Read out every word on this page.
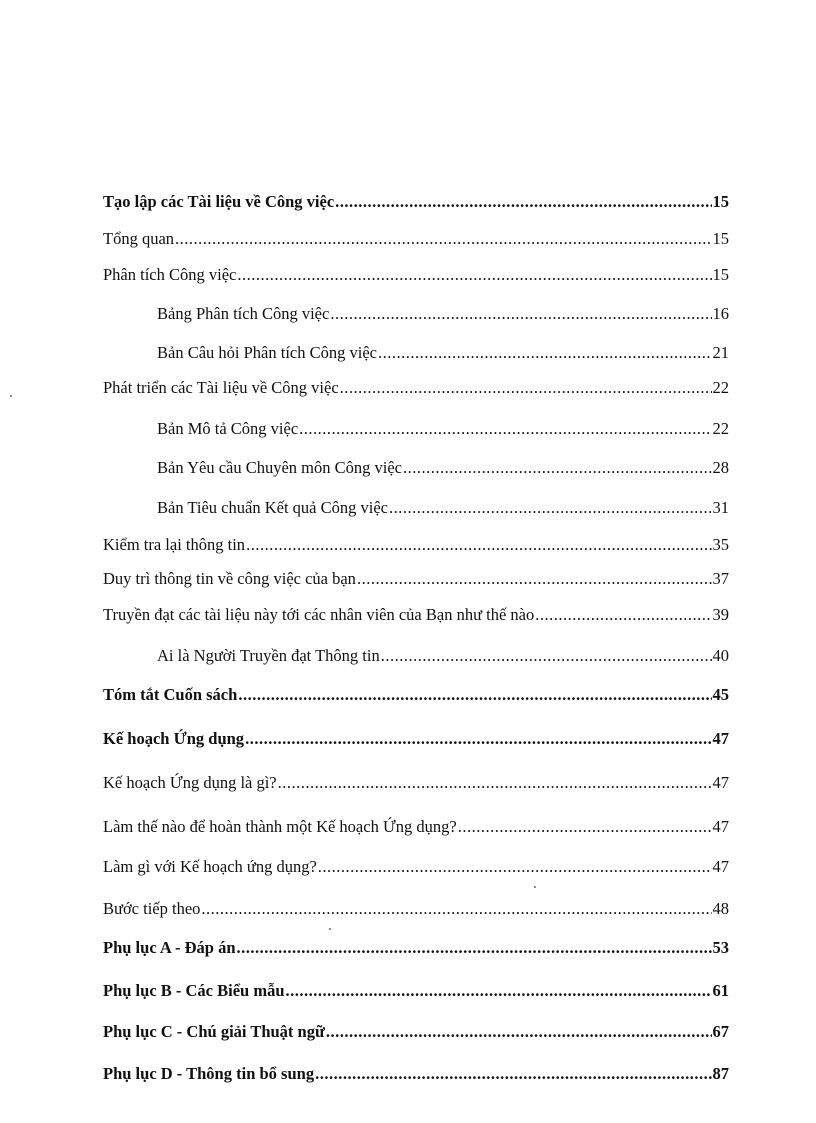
Tạo lập các Tài liệu về Công việc .....	15
Tổng quan .....	15
Phân tích Công việc .....	15
Bảng Phân tích Công việc .....	16
Bản Câu hỏi Phân tích Công việc .....	21
Phát triển các Tài liệu về Công việc .....	22
Bản Mô tả Công việc .....	22
Bản Yêu cầu Chuyên môn Công việc .....	28
Bản Tiêu chuẩn Kết quả Công việc .....	31
Kiểm tra lại thông tin .....	35
Duy trì thông tin về công việc của bạn .....	37
Truyền đạt các tài liệu này tới các nhân viên của Bạn như thế nào .....	39
Ai là Người Truyền đạt Thông tin .....	40
Tóm tắt Cuốn sách .....	45
Kế hoạch Ứng dụng .....	47
Kế hoạch Ứng dụng là gì? .....	47
Làm thế nào để hoàn thành một Kế hoạch Ứng dụng? .....	47
Làm gì với Kế hoạch ứng dụng? .....	47
Bước tiếp theo .....	48
Phụ lục A - Đáp án .....	53
Phụ lục B - Các Biểu mẫu .....	61
Phụ lục C - Chú giải Thuật ngữ .....	67
Phụ lục D - Thông tin bổ sung .....	87
